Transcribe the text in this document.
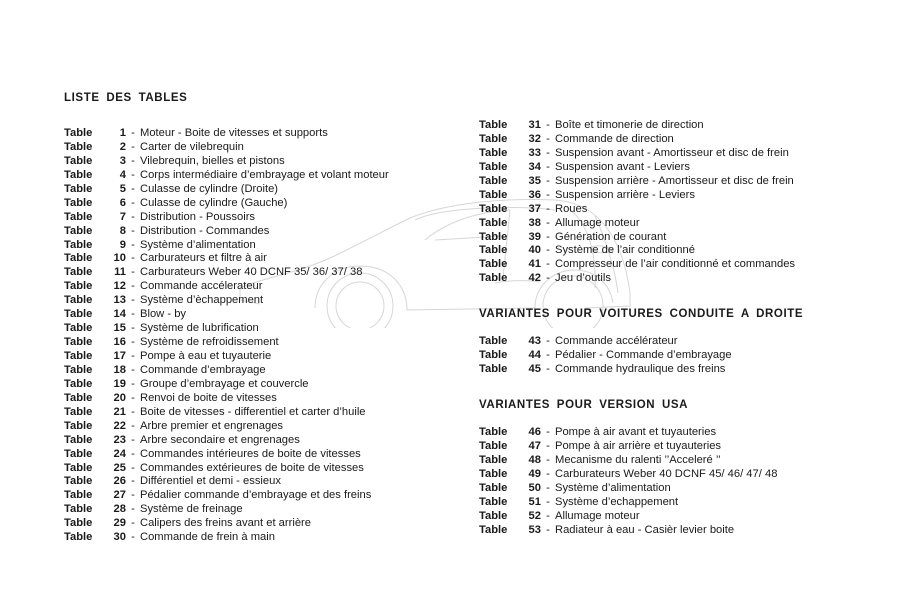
LISTE DES TABLES
Table	1 - Moteur - Boite de vitesses et supports
Table	2 - Carter de vilebrequin
Table	3 - Vilebrequin, bielles et pistons
Table	4 - Corps intermédiaire d’embrayage et volant moteur
Table	5 - Culasse de cylindre (Droite)
Table	6 - Culasse de cylindre (Gauche)
Table	7 - Distribution - Poussoirs
Table	8 - Distribution - Commandes
Table	9 - Système d’alimentation
Table	10 - Carburateurs et filtre à air
Table	11 - Carburateurs Weber 40 DCNF 35/ 36/ 37/ 38
Table	12 - Commande accélerateur
Table	13 - Système d’èchappement
Table	14 - Blow - by
Table	15 - Système de lubrification
Table	16 - Système de refroidissement
Table	17 - Pompe à eau et tuyauterie
Table	18 - Commande d’embrayage
Table	19 - Groupe d’embrayage et couvercle
Table	20 - Renvoi de boite de vitesses
Table	21 - Boite de vitesses - differentiel et carter d’huile
Table	22 - Arbre premier et engrenages
Table	23 - Arbre secondaire et engrenages
Table	24 - Commandes intérieures de boite de vitesses
Table	25 - Commandes extérieures de boite de vitesses
Table	26 - Différentiel et demi - essieux
Table	27 - Pédalier commande d’embrayage et des freins
Table	28 - Système de freinage
Table	29 - Calipers des freins avant et arrière
Table	30 - Commande de frein à main
Table	31 - Boîte et timonerie de direction
Table	32 - Commande de direction
Table	33 - Suspension avant - Amortisseur et disc de frein
Table	34 - Suspension avant - Leviers
Table	35 - Suspension arrière - Amortisseur et disc de frein
Table	36 - Suspension arrière - Leviers
Table	37 - Roues
Table	38 - Allumage moteur
Table	39 - Génération de courant
Table	40 - Système de l’air conditionné
Table	41 - Compresseur de l’air conditionné et commandes
Table	42 - Jeu d’outils
VARIANTES POUR VOITURES CONDUITE A DROITE
Table	43 - Commande accélérateur
Table	44 - Pédalier - Commande d’embrayage
Table	45 - Commande hydraulique des freins
VARIANTES POUR VERSION USA
Table	46 - Pompe à air avant et tuyauteries
Table	47 - Pompe à air arrière et tuyauteries
Table	48 - Mecanisme du ralenti ’’Acceleré ’’
Table	49 - Carburateurs Weber 40 DCNF 45/ 46/ 47/ 48
Table	50 - Système d’alimentation
Table	51 - Système d’echappement
Table	52 - Allumage moteur
Table	53 - Radiateur à eau - Casièr levier boite
